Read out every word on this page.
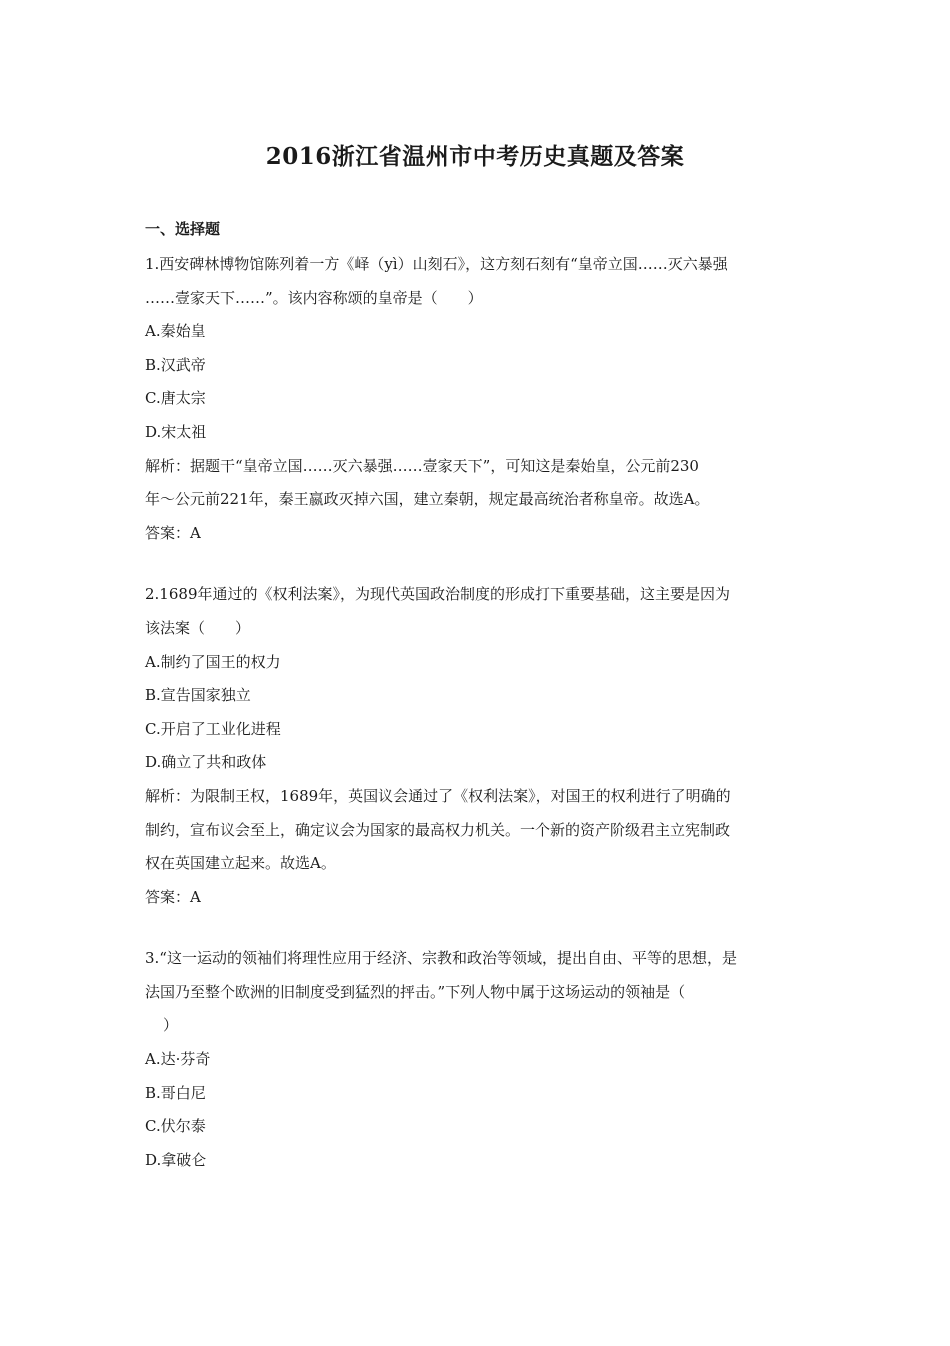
2016浙江省温州市中考历史真题及答案
一、选择题
1.西安碑林博物馆陈列着一方《峄（yì）山刻石》，这方刻石刻有“皇帝立国……灭六暴强
……壹家天下……”。该内容称颂的皇帝是（　　）
A.秦始皇
B.汉武帝
C.唐太宗
D.宋太祖
解析：据题干“皇帝立国……灭六暴强……壹家天下”，可知这是秦始皇，公元前230
年～公元前221年，秦王嬴政灭掉六国，建立秦朝，规定最高统治者称皇帝。故选A。
答案：A
2.1689年通过的《权利法案》，为现代英国政治制度的形成打下重要基础，这主要是因为
该法案（　　）
A.制约了国王的权力
B.宣告国家独立
C.开启了工业化进程
D.确立了共和政体
解析：为限制王权，1689年，英国议会通过了《权利法案》，对国王的权利进行了明确的
制约，宣布议会至上，确定议会为国家的最高权力机关。一个新的资产阶级君主立宪制政
权在英国建立起来。故选A。
答案：A
3.“这一运动的领袖们将理性应用于经济、宗教和政治等领域，提出自由、平等的思想，是
法国乃至整个欧洲的旧制度受到猛烈的抨击。”下列人物中属于这场运动的领袖是（
）
A.达·芬奇
B.哥白尼
C.伏尔泰
D.拿破仑
